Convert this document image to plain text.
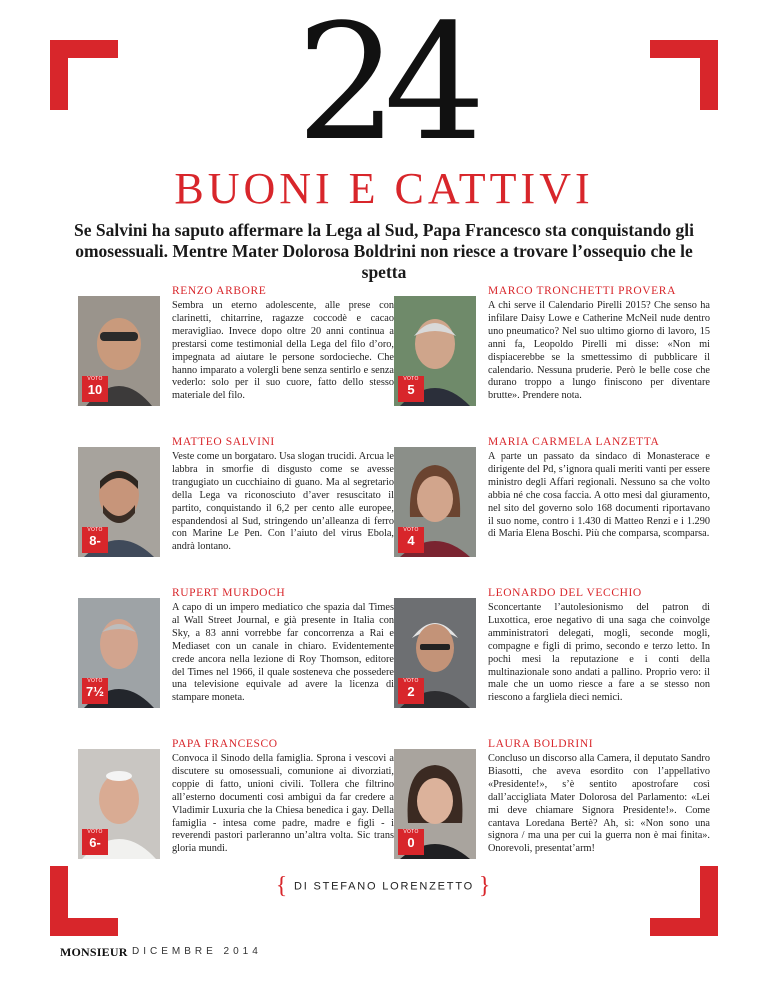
24
BUONI E CATTIVI
Se Salvini ha saputo affermare la Lega al Sud, Papa Francesco sta conquistando gli omosessuali. Mentre Mater Dolorosa Boldrini non riesce a trovare l’ossequio che le spetta
VOTO
10
RENZO ARBORE
Sembra un eterno adolescente, alle prese con clarinetti, chitarrine, ragazze coccodè e cacao meravigliao. Invece dopo oltre 20 anni continua a prestarsi come testimonial della Lega del filo d’oro, impegnata ad aiutare le persone sordocieche. Che hanno imparato a volergli bene senza sentirlo e senza vederlo: solo per il suo cuore, fatto dello stesso materiale del filo.
VOTO
5
MARCO TRONCHETTI PROVERA
A chi serve il Calendario Pirelli 2015? Che senso ha infilare Daisy Lowe e Catherine McNeil nude dentro uno pneumatico? Nel suo ultimo giorno di lavoro, 15 anni fa, Leopoldo Pirelli mi disse: «Non mi dispiacerebbe se la smettessimo di pubblicare il calendario. Nessuna pruderie. Però le belle cose che durano troppo a lungo finiscono per diventare brutte». Prendere nota.
VOTO
8-
MATTEO SALVINI
Veste come un borgataro. Usa slogan trucidi. Arcua le labbra in smorfie di disgusto come se avesse trangugiato un cucchiaino di guano. Ma al segretario della Lega va riconosciuto d’aver resuscitato il partito, conquistando il 6,2 per cento alle europee, espandendosi al Sud, stringendo un’alleanza di ferro con Marine Le Pen. Con l’aiuto del virus Ebola, andrà lontano.
VOTO
4
MARIA CARMELA LANZETTA
A parte un passato da sindaco di Monasterace e dirigente del Pd, s’ignora quali meriti vanti per essere ministro degli Affari regionali. Nessuno sa che volto abbia né che cosa faccia. A otto mesi dal giuramento, nel sito del governo solo 168 documenti riportavano il suo nome, contro i 1.430 di Matteo Renzi e i 1.290 di Maria Elena Boschi. Più che comparsa, scomparsa.
VOTO
7½
RUPERT MURDOCH
A capo di un impero mediatico che spazia dal Times al Wall Street Journal, e già presente in Italia con Sky, a 83 anni vorrebbe far concorrenza a Rai e Mediaset con un canale in chiaro. Evidentemente crede ancora nella lezione di Roy Thomson, editore del Times nel 1966, il quale sosteneva che possedere una televisione equivale ad avere la licenza di stampare moneta.
VOTO
2
LEONARDO DEL VECCHIO
Sconcertante l’autolesionismo del patron di Luxottica, eroe negativo di una saga che coinvolge amministratori delegati, mogli, seconde mogli, compagne e figli di primo, secondo e terzo letto. In pochi mesi la reputazione e i conti della multinazionale sono andati a pallino. Proprio vero: il male che un uomo riesce a fare a se stesso non riescono a fargliela dieci nemici.
VOTO
6-
PAPA FRANCESCO
Convoca il Sinodo della famiglia. Sprona i vescovi a discutere su omosessuali, comunione ai divorziati, coppie di fatto, unioni civili. Tollera che filtrino all’esterno documenti così ambigui da far credere a Vladimir Luxuria che la Chiesa benedica i gay. Della famiglia - intesa come padre, madre e figli - i reverendi pastori parleranno un’altra volta. Sic trans gloria mundi.
VOTO
0
LAURA BOLDRINI
Concluso un discorso alla Camera, il deputato Sandro Biasotti, che aveva esordito con l’appellativo «Presidente!», s’è sentito apostrofare così dall’accigliata Mater Dolorosa del Parlamento: «Lei mi deve chiamare Signora Presidente!». Come cantava Loredana Bertè? Ah, sì: «Non sono una signora / ma una per cui la guerra non è mai finita». Onorevoli, presentat’arm!
{ DI STEFANO LORENZETTO }
MONSIEUR DICEMBRE 2014
